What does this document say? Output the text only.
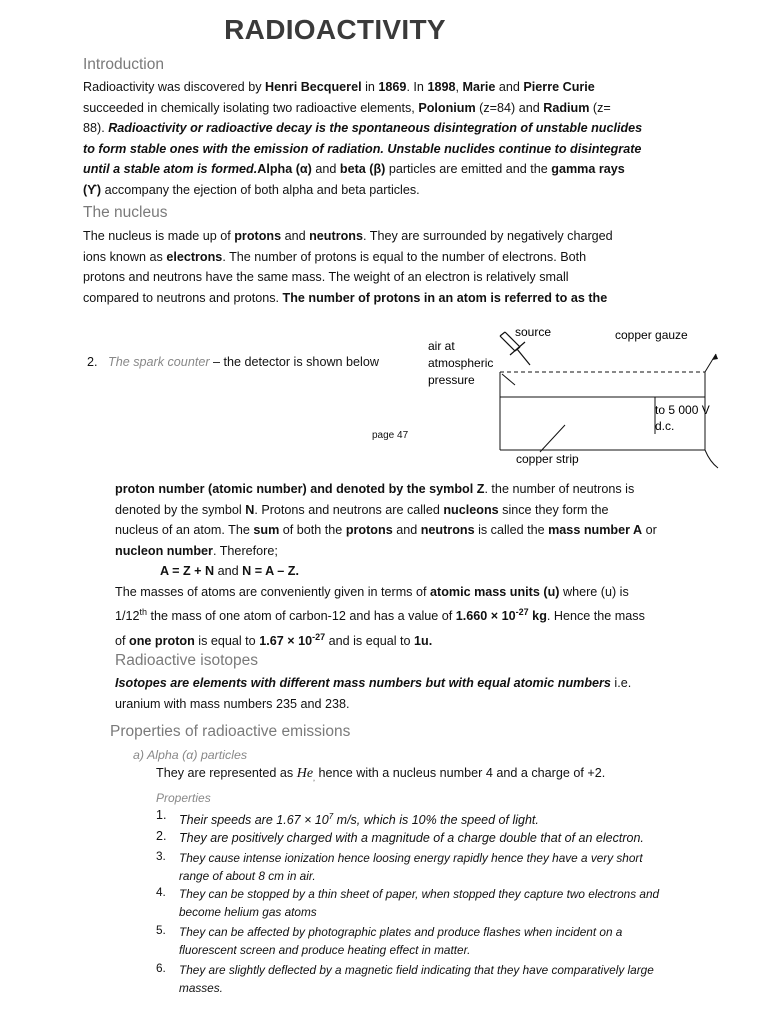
RADIOACTIVITY
Introduction

Radioactivity was discovered by Henri Becquerel in 1869. In 1898, Marie and Pierre Curie

succeeded in chemically isolating two radioactive elements, Polonium (z=84) and Radium (z=

88). Radioactivity or radioactive decay is the spontaneous disintegration of unstable nuclides

to form stable ones with the emission of radiation. Unstable nuclides continue to disintegrate

until a stable atom is formed.Alpha (α) and beta (β) particles are emitted and the gamma rays

(ϒ) accompany the ejection of both alpha and beta particles.

The nucleus

The nucleus is made up of protons and neutrons. They are surrounded by negatively charged

ions known as electrons. The number of protons is equal to the number of electrons. Both

protons and neutrons have the same mass. The weight of an electron is relatively small

compared to neutrons and protons. The number of protons in an atom is referred to as the

2. The spark counter – the detector is shown below
page 47
source	copper gauze
air at
atmospheric
pressure
to 5 000 V
d.c.
copper strip

proton number (atomic number) and denoted by the symbol Z. the number of neutrons is

denoted by the symbol N. Protons and neutrons are called nucleons since they form the

nucleus of an atom. The sum of both the protons and neutrons is called the mass number A or

nucleon number. Therefore;

A = Z + N and N = A – Z.

The masses of atoms are conveniently given in terms of atomic mass units (u) where (u) is

1/12th the mass of one atom of carbon-12 and has a value of $1.660 \times 10^{-27}$ kg. Hence the mass

of one proton is equal to $1.67 \times 10^{-27}$ and is equal to 1u.

Radioactive isotopes

Isotopes are elements with different mass numbers but with equal atomic numbers i.e.

uranium with mass numbers 235 and 238.

Properties of radioactive emissions
a) Alpha (α) particles
They are represented as $He_,$ hence with a nucleus number 4 and a charge of +2.
Properties
1. Their speeds are $1.67 \times 10^7$ m/s, which is 10% the speed of light.
2. They are positively charged with a magnitude of a charge double that of an electron.
3. They cause intense ionization hence loosing energy rapidly hence they have a very short
range of about 8 cm in air.
4. They can be stopped by a thin sheet of paper, when stopped they capture two electrons and
become helium gas atoms
5. They can be affected by photographic plates and produce flashes when incident on a
fluorescent screen and produce heating effect in matter.
6. They are slightly deflected by a magnetic field indicating that they have comparatively large
masses.
